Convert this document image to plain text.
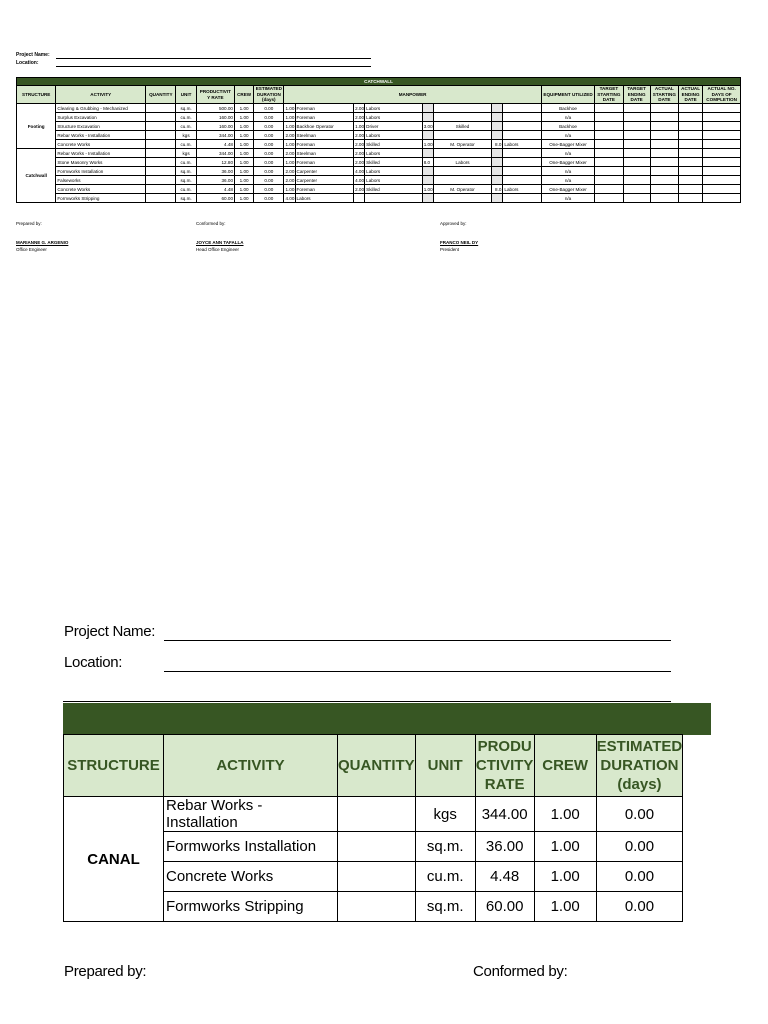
Project Name:
Location:
CATCHWALL																				
STRUCTURE	ACTIVITY	QUANTITY	UNIT	PRODUCTIVIT Y RATE	CREW	ESTIMATED DURATION (days)	MANPOWER								EQUIPMENT UTILIZED	TARGET STARTING DATE	TARGET ENDING DATE	ACTUAL STARTING DATE	ACTUAL ENDING DATE	ACTUAL NO. DAYS OF COMPLETION
Footing	Clearing & Grubbing - Mechanized		sq.m.	500.00	1.00	0.00	1.00	Foreman	2.00	Labors					Backhoe					
	Surplus Excavation		cu.m.	160.00	1.00	0.00	1.00	Foreman	2.00	Labors					n/a					
	Structure Excavation		cu.m.	160.00	1.00	0.00	1.00	Backhoe Operator	1.00	Driver	3.00	Skilled			Backhoe					
	Rebar Works - Installation		kgs	344.00	1.00	0.00	2.00	Steelman	2.00	Labors					n/a					
	Concrete Works		cu.m.	4.48	1.00	0.00	1.00	Foreman	2.00	Skilled	1.00	M. Operator	8.0	Labors	One-Bagger Mixer					
Catchwall	Rebar Works - Installation		kgs	344.00	1.00	0.00	2.00	Steelman	2.00	Labors					n/a					
	Stone Masonry Works		cu.m.	12.80	1.00	0.00	1.00	Foreman	2.00	Skilled	8.0	Labors			One-Bagger Mixer					
	Formworks Installation		sq.m.	36.00	1.00	0.00	2.00	Carpenter	4.00	Labors					n/a					
	Falseworks		sq.m.	36.00	1.00	0.00	2.00	Carpenter	4.00	Labors					n/a					
	Concrete Works		cu.m.	4.48	1.00	0.00	1.00	Foreman	2.00	Skilled	1.00	M. Operator	8.0	Labors	One-Bagger Mixer					
	Formworks Stripping		sq.m.	60.00	1.00	0.00	4.00	Labors							n/a					
Prepared by:
MARIANNE G. ARGENIO
Office Engineer
Conformed by:
JOYCE ANN TAFALLA
Head Office Engineer
Approved by:
FRANCO NEIL DY
President
Project Name:
Location:
STRUCTURE	ACTIVITY	QUANTITY	UNIT	PRODU CTIVITY RATE	CREW	ESTIMATED DURATION (days)
CANAL	Rebar Works - Installation		kgs	344.00	1.00	0.00
	Formworks Installation		sq.m.	36.00	1.00	0.00
	Concrete Works		cu.m.	4.48	1.00	0.00
	Formworks Stripping		sq.m.	60.00	1.00	0.00
Prepared by:	Conformed by:
